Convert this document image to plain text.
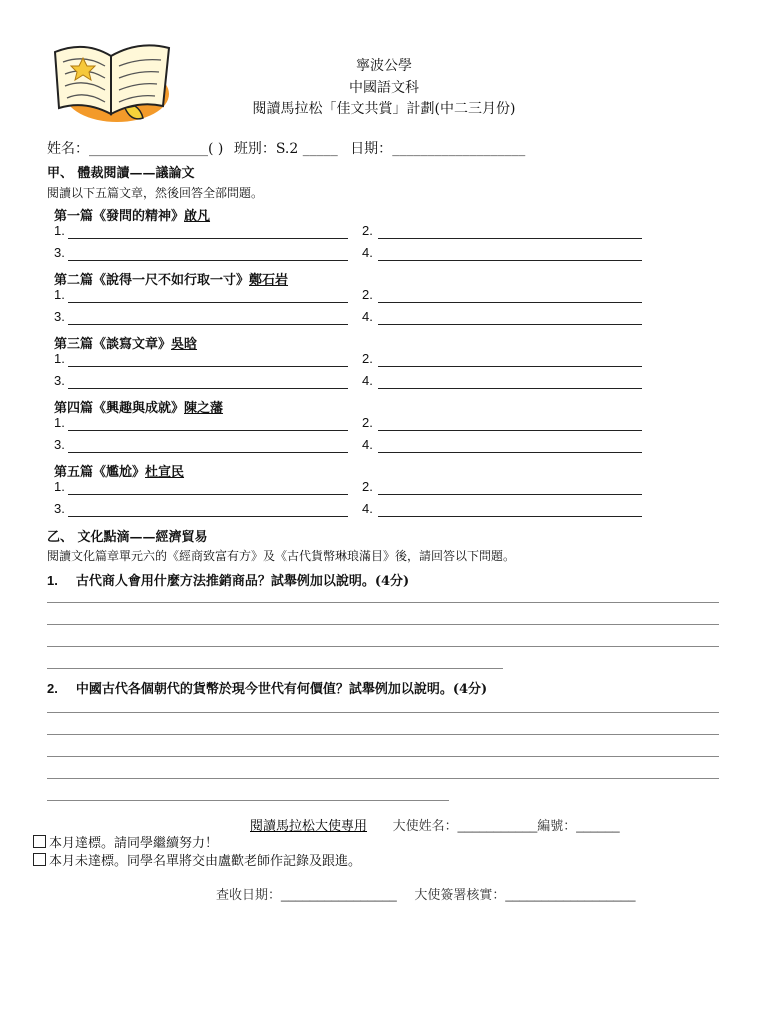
寧波公學
中國語文科
閱讀馬拉松「佳文共賞」計劃(中二三月份)
姓名：_________________( ) 班別：S.2 _____ 日期：___________________
甲、 體裁閱讀——議論文
閱讀以下五篇文章，然後回答全部問題。
第一篇《發問的精神》啟凡
第二篇《說得一尺不如行取一寸》鄭石岩
第三篇《談寫文章》吳晗
第四篇《興趣與成就》陳之藩
第五篇《尷尬》杜宣民
1.	2.
3.	4.
1.	2.
3.	4.
1.	2.
3.	4.
1.	2.
3.	4.
1.	2.
3.	4.
乙、 文化點滴——經濟貿易
閱讀文化篇章單元六的《經商致富有方》及《古代貨幣琳琅滿目》後，請回答以下問題。
1. 古代商人會用什麼方法推銷商品？試舉例加以說明。(4分)
2. 中國古代各個朝代的貨幣於現今世代有何價值？試舉例加以說明。(4分)
閱讀馬拉松大使專用 大使姓名：___________編號：______
本月達標。請同學繼續努力！
本月未達標。同學名單將交由盧歡老師作記錄及跟進。
查收日期：________________ 大使簽署核實：__________________
